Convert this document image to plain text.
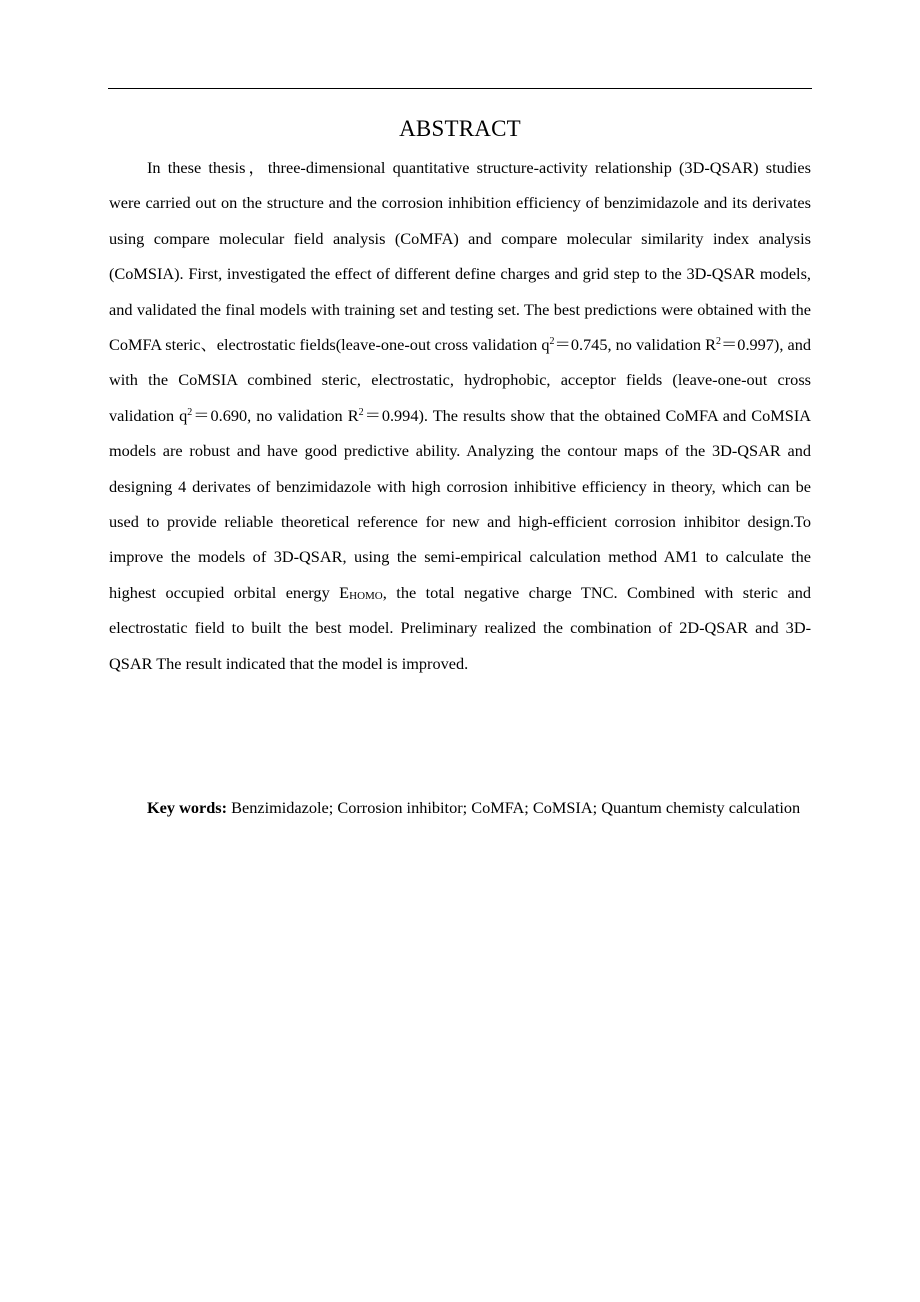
ABSTRACT

In these thesis，three-dimensional quantitative structure-activity relationship (3D-QSAR) studies were carried out on the structure and the corrosion inhibition efficiency of benzimidazole and its derivates using compare molecular field analysis (CoMFA) and compare molecular similarity index analysis (CoMSIA). First, investigated the effect of different define charges and grid step to the 3D-QSAR models, and validated the final models with training set and testing set. The best predictions were obtained with the CoMFA steric、electrostatic fields(leave-one-out cross validation $q^2=0.745$, no validation $R^2=0.997$), and with the CoMSIA combined steric, electrostatic, hydrophobic, acceptor fields (leave-one-out cross validation $q^2=0.690$, no validation $R^2=0.994$). The results show that the obtained CoMFA and CoMSIA models are robust and have good predictive ability. Analyzing the contour maps of the 3D-QSAR and designing 4 derivates of benzimidazole with high corrosion inhibitive efficiency in theory, which can be used to provide reliable theoretical reference for new and high-efficient corrosion inhibitor design.To improve the models of 3D-QSAR, using the semi-empirical calculation method AM1 to calculate the highest occupied orbital energy $E_{HOMO}$, the total negative charge TNC. Combined with steric and electrostatic field to built the best model. Preliminary realized the combination of 2D-QSAR and 3D-QSAR The result indicated that the model is improved.

Key words: Benzimidazole; Corrosion inhibitor; CoMFA; CoMSIA; Quantum chemisty calculation
